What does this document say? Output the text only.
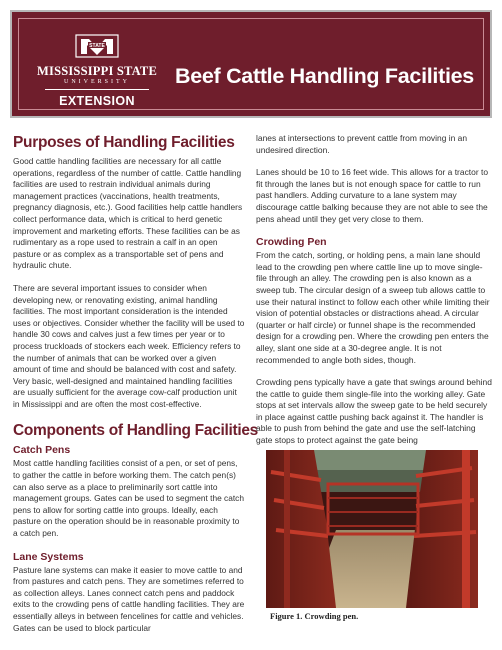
STATE
MISSISSIPPI STATE
UNIVERSITY
EXTENSION
Beef Cattle Handling Facilities
Purposes of Handling Facilities

Good cattle handling facilities are necessary for all cattle operations, regardless of the number of cattle. Cattle handling facilities are used to restrain individual animals during management practices (vaccinations, health treatments, pregnancy diagnosis, etc.). Good facilities help cattle handlers collect performance data, which is critical to herd genetic improvement and marketing efforts. These facilities can be as rudimentary as a rope used to restrain a calf in an open pasture or as complex as a transportable set of pens and hydraulic chute.

There are several important issues to consider when developing new, or renovating existing, animal handling facilities. The most important consideration is the intended uses or objectives. Consider whether the facility will be used to handle 30 cows and calves just a few times per year or to process truckloads of stockers each week. Efficiency refers to the number of animals that can be worked over a given amount of time and should be balanced with cost and safety. Very basic, well-designed and maintained handling facilities are usually sufficient for the average cow-calf production unit in Mississippi and are often the most cost-effective.

Components of Handling Facilities
Catch Pens

Most cattle handling facilities consist of a pen, or set of pens, to gather the cattle in before working them. The catch pen(s) can also serve as a place to preliminarily sort cattle into management groups. Gates can be used to segment the catch pens to allow for sorting cattle into groups. Ideally, each pasture on the operation should be in reasonable proximity to a catch pen.

Lane Systems

Pasture lane systems can make it easier to move cattle to and from pastures and catch pens. They are sometimes referred to as collection alleys. Lanes connect catch pens and paddock exits to the crowding pens of cattle handling facilities. They are essentially alleys in between fencelines for cattle and vehicles. Gates can be used to block particular

lanes at intersections to prevent cattle from moving in an undesired direction.

Lanes should be 10 to 16 feet wide. This allows for a tractor to fit through the lanes but is not enough space for cattle to run past handlers. Adding curvature to a lane system may discourage cattle balking because they are not able to see the pens ahead until they get very close to them.

Crowding Pen

From the catch, sorting, or holding pens, a main lane should lead to the crowding pen where cattle line up to move single-file through an alley. The crowding pen is also known as a sweep tub. The circular design of a sweep tub allows cattle to use their natural instinct to follow each other while limiting their vision of potential obstacles or distractions ahead. A circular (quarter or half circle) or funnel shape is the recommended design for a crowding pen. Where the crowding pen enters the alley, slant one side at a 30-degree angle. It is not recommended to angle both sides, though.

Crowding pens typically have a gate that swings around behind the cattle to guide them single-file into the working alley. Gate stops at set intervals allow the sweep gate to be held securely in place against cattle pushing back against it. The handler is able to push from behind the gate and use the self-latching gate stops to protect against the gate being

Figure 1. Crowding pen.
